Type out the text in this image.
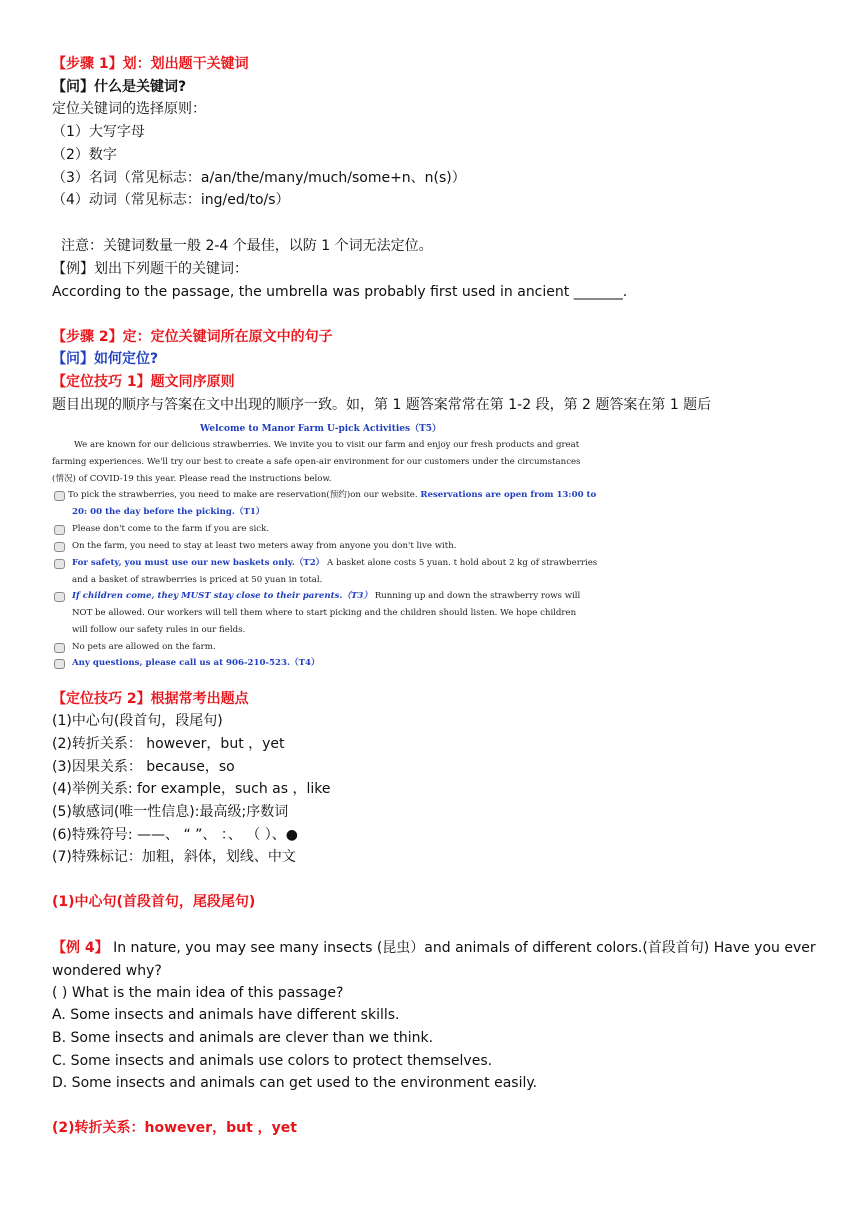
【步骤 1】划：划出题干关键词
【问】什么是关键词?
定位关键词的选择原则：
（1）大写字母
（2）数字
（3）名词（常见标志：a/an/the/many/much/some+n、n(s)）
（4）动词（常见标志：ing/ed/to/s）
注意：关键词数量一般 2-4 个最佳，以防 1 个词无法定位。
【例】划出下列题干的关键词：
According to the passage, the umbrella was probably first used in ancient _______.
【步骤 2】定：定位关键词所在原文中的句子
【问】如何定位?
【定位技巧 1】题文同序原则
题目出现的顺序与答案在文中出现的顺序一致。如，第 1 题答案常常在第 1-2 段，第 2 题答案在第 1 题后
Welcome to Manor Farm U-pick Activities（T5）
We are known for our delicious strawberries. We invite you to visit our farm and enjoy our fresh products and great
farming experiences. We'll try our best to create a safe open-air environment for our customers under the circumstances
(情况) of COVID-19 this year. Please read the instructions below.
To pick the strawberries, you need to make are reservation(预约)on our website. Reservations are open from 13:00 to
20: 00 the day before the picking.（T1）
Please don't come to the farm if you are sick.
On the farm, you need to stay at least two meters away from anyone you don't live with.
For safety, you must use our new baskets only.（T2） A basket alone costs 5 yuan. t hold about 2 kg of strawberries
and a basket of strawberries is priced at 50 yuan in total.
If children come, they MUST stay close to their parents.（T3） Running up and down the strawberry rows will
NOT be allowed. Our workers will tell them where to start picking and the children should listen. We hope children
will follow our safety rules in our fields.
No pets are allowed on the farm.
Any questions, please call us at 906-210-523.（T4）
【定位技巧 2】根据常考出题点
(1)中心句(段首句，段尾句)
(2)转折关系： however，but ，yet
(3)因果关系： because，so
(4)举例关系: for example，such as ，like
(5)敏感词(唯一性信息):最高级;序数词
(6)特殊符号: ——、 “ ”、 ：、 （ ）、●
(7)特殊标记：加粗，斜体，划线、中文
(1)中心句(首段首句，尾段尾句)
【例 4】 In nature, you may see many insects (昆虫）and animals of different colors.(首段首句) Have you ever wondered why?
( ) What is the main idea of this passage?
A. Some insects and animals have different skills.
B. Some insects and animals are clever than we think.
C. Some insects and animals use colors to protect themselves.
D. Some insects and animals can get used to the environment easily.
(2)转折关系：however，but ，yet
